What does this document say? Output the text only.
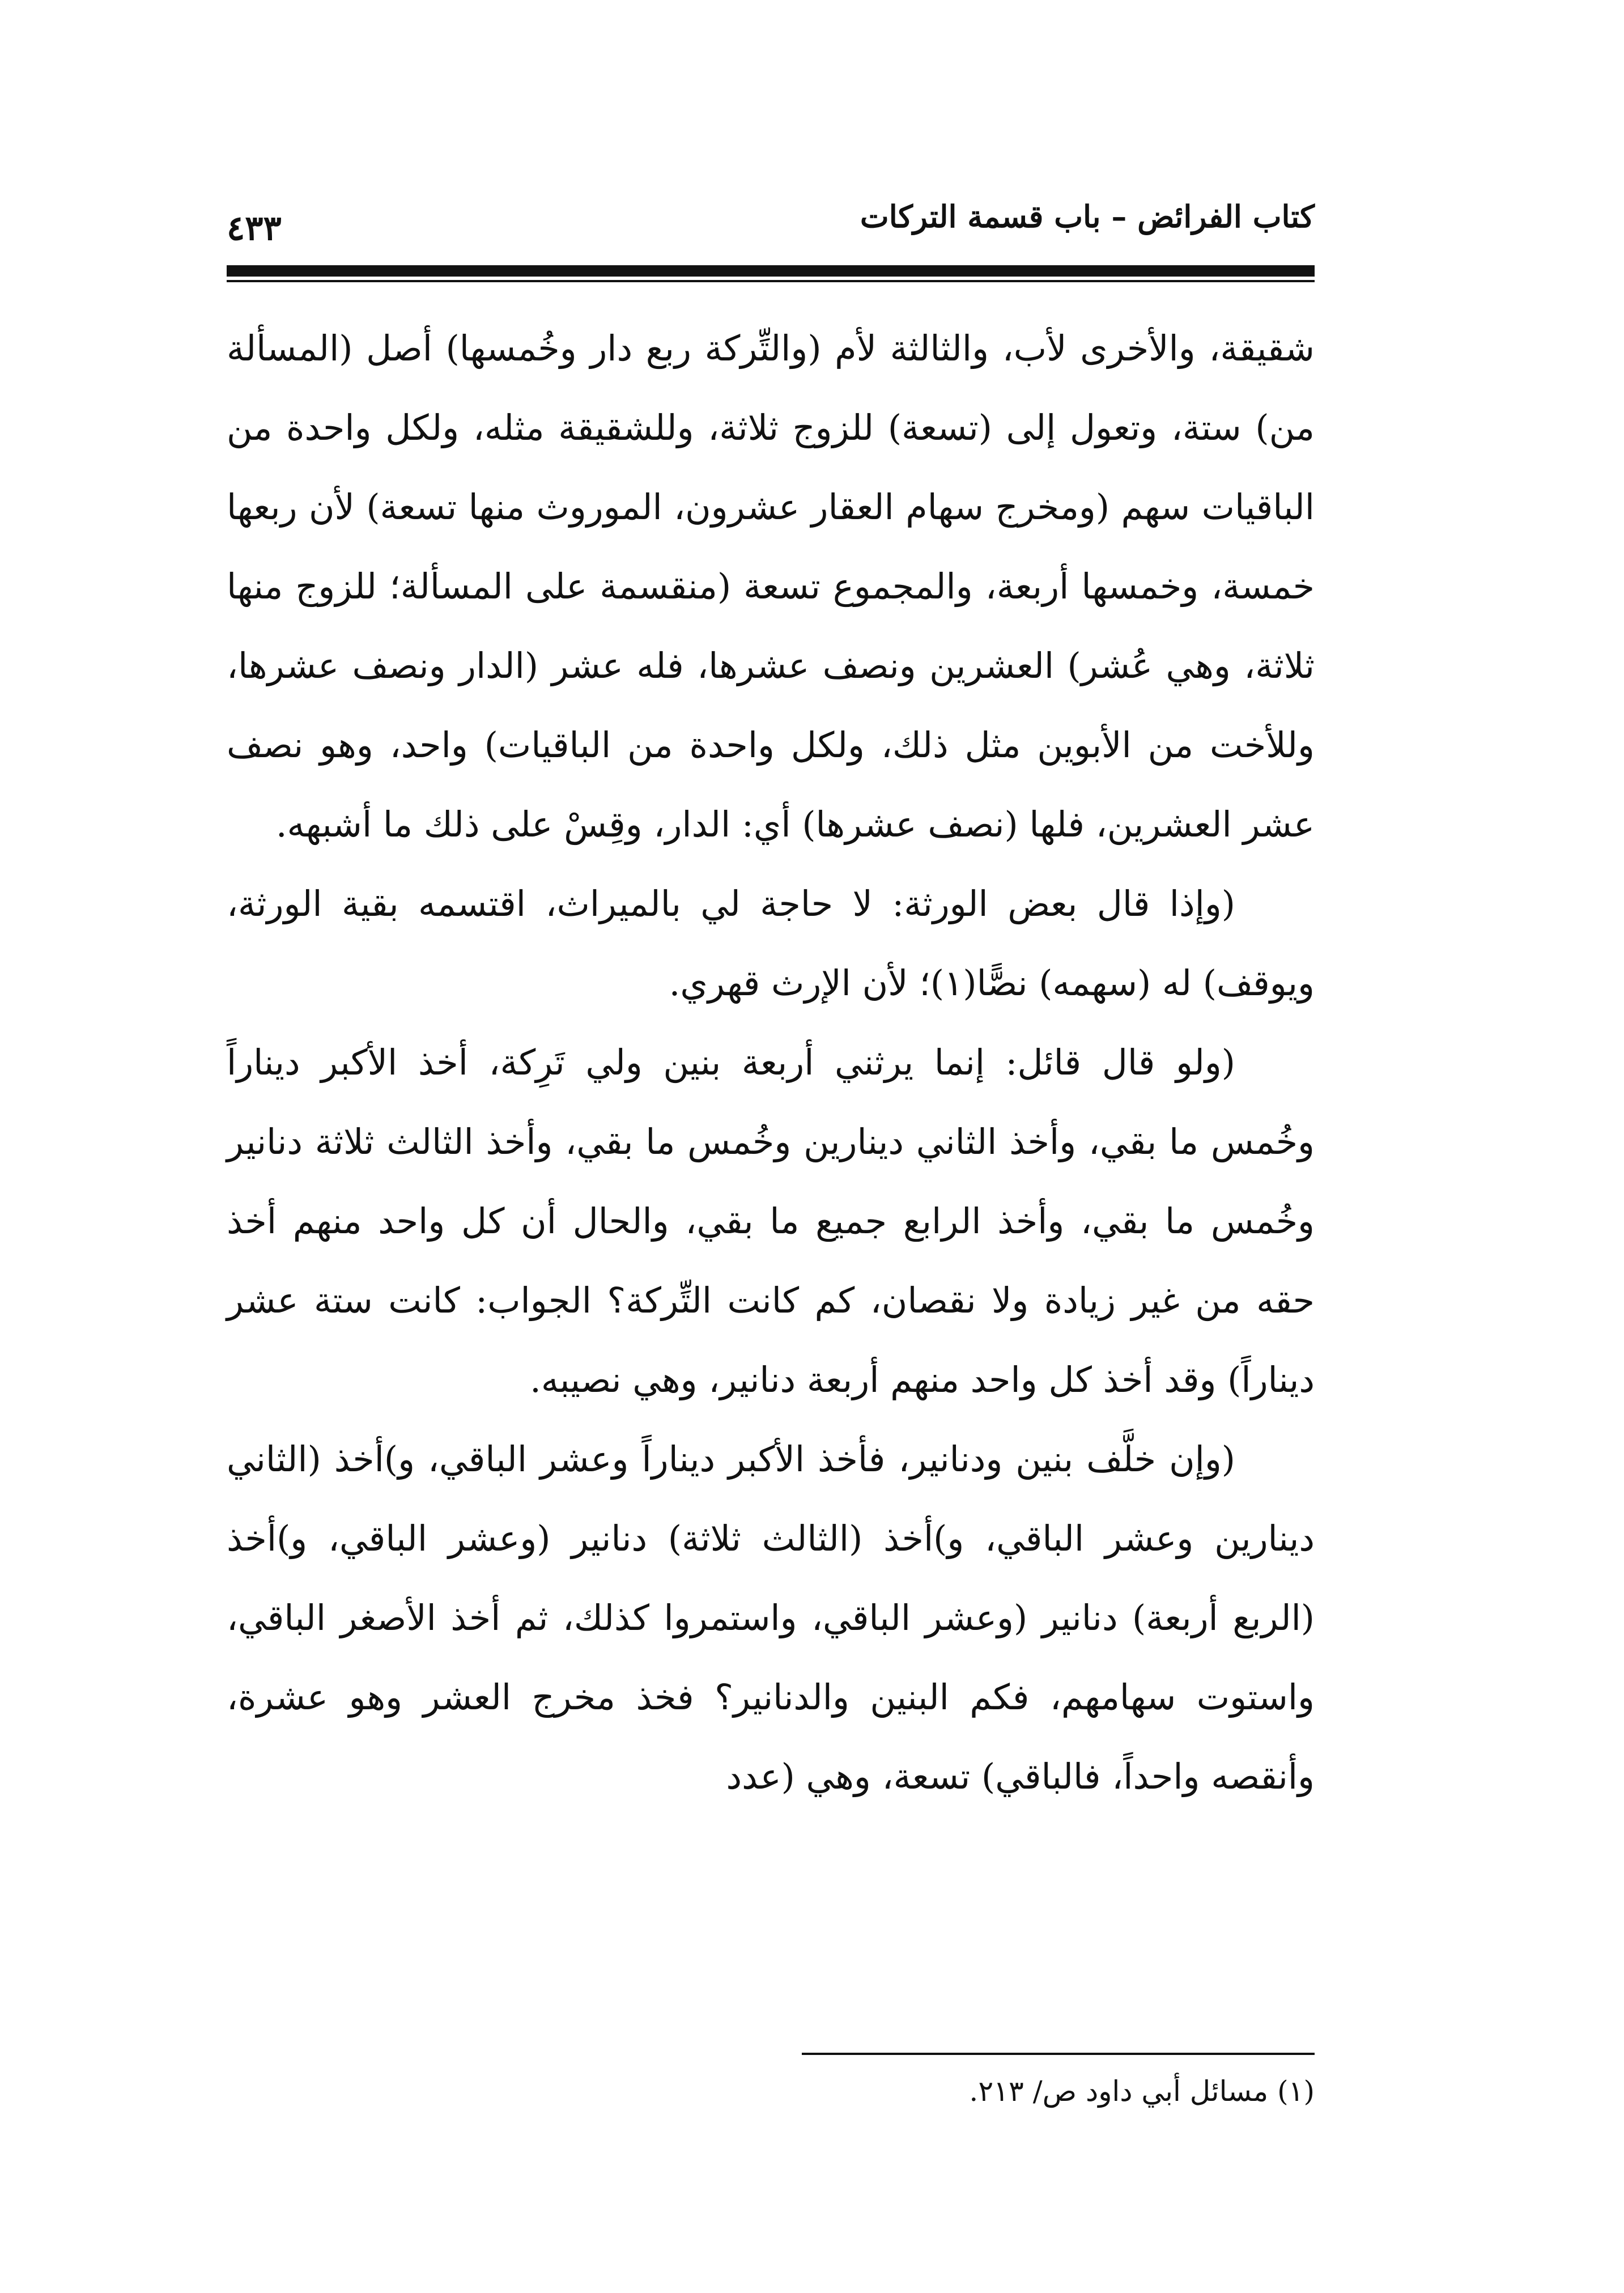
كتاب الفرائض – باب قسمة التركات
٤٣٣

شقيقة، والأخرى لأب، والثالثة لأم (والتِّركة ربع دار وخُمسها) أصل (المسألة من) ستة، وتعول إلى (تسعة) للزوج ثلاثة، وللشقيقة مثله، ولكل واحدة من الباقيات سهم (ومخرج سهام العقار عشرون، الموروث منها تسعة) لأن ربعها خمسة، وخمسها أربعة، والمجموع تسعة (منقسمة على المسألة؛ للزوج منها ثلاثة، وهي عُشر) العشرين ونصف عشرها، فله عشر (الدار ونصف عشرها، وللأخت من الأبوين مثل ذلك، ولكل واحدة من الباقيات) واحد، وهو نصف عشر العشرين، فلها (نصف عشرها) أي: الدار، وقِسْ على ذلك ما أشبهه.

(وإذا قال بعض الورثة: لا حاجة لي بالميراث، اقتسمه بقية الورثة، ويوقف) له (سهمه) نصًّا(١)؛ لأن الإرث قهري.

(ولو قال قائل: إنما يرثني أربعة بنين ولي تَرِكة، أخذ الأكبر ديناراً وخُمس ما بقي، وأخذ الثاني دينارين وخُمس ما بقي، وأخذ الثالث ثلاثة دنانير وخُمس ما بقي، وأخذ الرابع جميع ما بقي، والحال أن كل واحد منهم أخذ حقه من غير زيادة ولا نقصان، كم كانت التِّركة؟ الجواب: كانت ستة عشر ديناراً) وقد أخذ كل واحد منهم أربعة دنانير، وهي نصيبه.

(وإن خلَّف بنين ودنانير، فأخذ الأكبر ديناراً وعشر الباقي، و)أخذ (الثاني دينارين وعشر الباقي، و)أخذ (الثالث ثلاثة) دنانير (وعشر الباقي، و)أخذ (الربع أربعة) دنانير (وعشر الباقي، واستمروا كذلك، ثم أخذ الأصغر الباقي، واستوت سهامهم، فكم البنين والدنانير؟ فخذ مخرج العشر وهو عشرة، وأنقصه واحداً، فالباقي) تسعة، وهي (عدد

(١) مسائل أبي داود ص/ ٢١٣.
